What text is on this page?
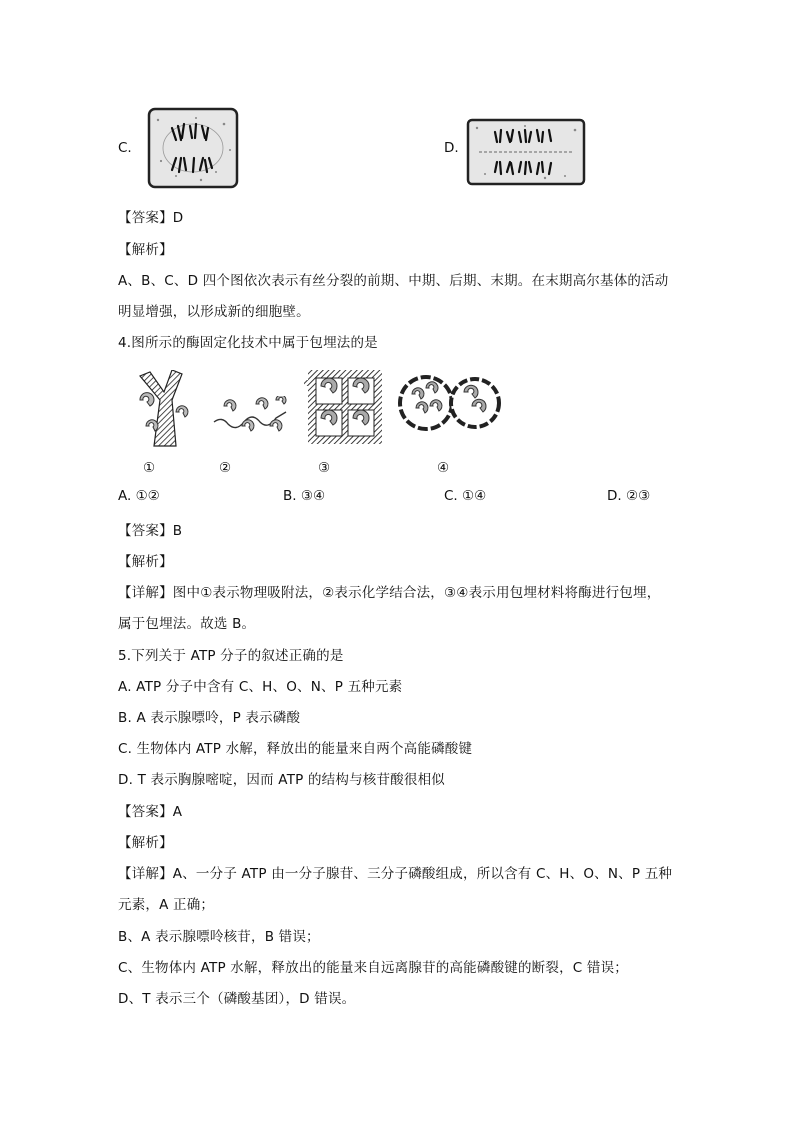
C.	D.
【答案】D
【解析】
A、B、C、D 四个图依次表示有丝分裂的前期、中期、后期、末期。在末期高尔基体的活动
明显增强，以形成新的细胞壁。
4.图所示的酶固定化技术中属于包埋法的是
①	②	③	④
A. ①②	B. ③④	C. ①④	D. ②③
【答案】B
【解析】
【详解】图中①表示物理吸附法，②表示化学结合法，③④表示用包埋材料将酶进行包埋，
属于包埋法。故选 B。
5.下列关于 ATP 分子的叙述正确的是
A. ATP 分子中含有 C、H、O、N、P 五种元素
B. A 表示腺嘌呤，P 表示磷酸
C. 生物体内 ATP 水解，释放出的能量来自两个高能磷酸键
D. T 表示胸腺嘧啶，因而 ATP 的结构与核苷酸很相似
【答案】A
【解析】
【详解】A、一分子 ATP 由一分子腺苷、三分子磷酸组成，所以含有 C、H、O、N、P 五种
元素，A 正确；
B、A 表示腺嘌呤核苷，B 错误；
C、生物体内 ATP 水解，释放出的能量来自远离腺苷的高能磷酸键的断裂，C 错误；
D、T 表示三个（磷酸基团），D 错误。
